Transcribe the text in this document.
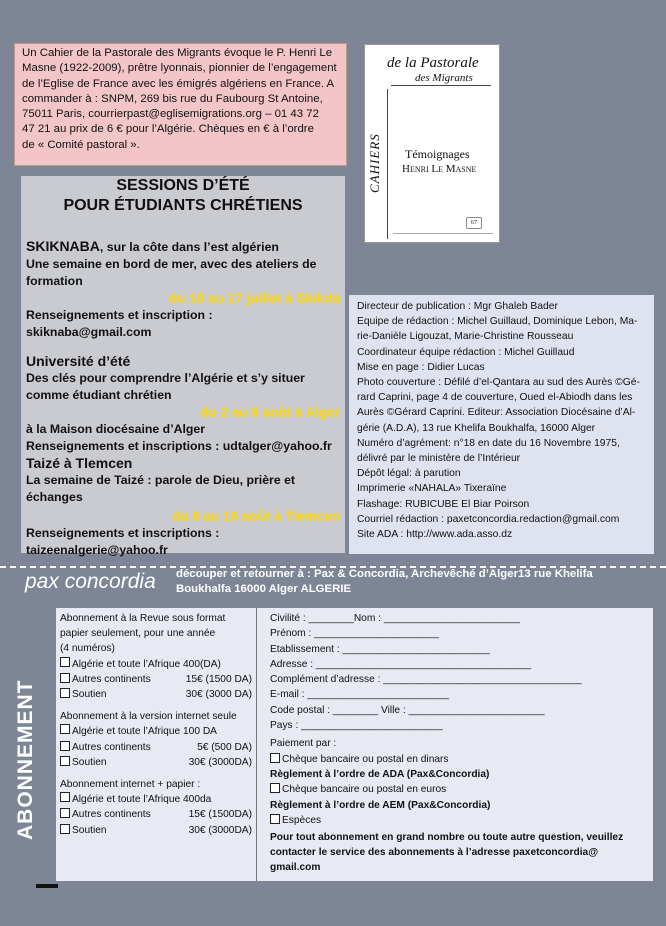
Un Cahier de la Pastorale des Migrants évoque le P. Henri Le
Masne (1922-2009), prêtre lyonnais, pionnier de l’engagement
de l’Eglise de France avec les émigrés algériens en France. A
commander à : SNPM, 269 bis rue du Faubourg St Antoine,
75011 Paris, courrierpast@eglisemigrations.org – 01 43 72
47 21 au prix de 6 € pour l’Algérie. Chèques en € à l’ordre
de « Comité pastoral ».
de la Pastorale
des Migrants
CAHIERS	Témoignages
Henri Le Masne
67
SESSIONS D’ÉTÉ
POUR ÉTUDIANTS CHRÉTIENS
SKIKNABA, sur la côte dans l’est algérien
Une semaine en bord de mer, avec des ateliers de formation
du 10 au 17 juillet à Skikda
Renseignements et inscription : skiknaba@gmail.com
Université d’été
Des clés pour comprendre l’Algérie et s’y situer comme étudiant chrétien
du 2 au 9 août à Alger
à la Maison diocésaine d’Alger
Renseignements et inscriptions : udtalger@yahoo.fr
Taizé à Tlemcen
La semaine de Taizé : parole de Dieu, prière et échanges
du 8 au 16 août à Tlemcen
Renseignements et inscriptions :
taizeenalgerie@yahoo.fr
Directeur de publication : Mgr Ghaleb Bader
Equipe de rédaction : Michel Guillaud, Dominique Lebon, Ma-
rie-Danièle Ligouzat, Marie-Christine Rousseau
Coordinateur équipe rédaction : Michel Guillaud
Mise en page : Didier Lucas
Photo couverture : Défilé d’el-Qantara au sud des Aurès ©Gé-
rard Caprini, page 4 de couverture, Oued el-Abiodh dans les
Aurès ©Gérard Caprini. Editeur: Association Diocésaine d’Al-
gérie (A.D.A), 13 rue Khelifa Boukhalfa, 16000 Alger
Numéro d’agrément: n°18 en date du 16 Novembre 1975,
délivré par le ministère de l’Intérieur
Dépôt légal: à parution
Imprimerie «NAHALA» Tixeraïne
Flashage: RUBICUBE El Biar Poirson
Courriel rédaction : paxetconcordia.redaction@gmail.com
Site ADA : http://www.ada.asso.dz
pax concordia découper et retourner à : Pax & Concordia, Archevêché d’Alger13 rue Khelifa
Boukhalfa 16000 Alger ALGERIE
ABONNEMENT
Abonnement à la Revue sous format papier seulement, pour une année
(4 numéros)
Algérie et toute l’Afrique 400(DA)
Autres continents	15€ (1500 DA)
Soutien	30€ (3000 DA)
Abonnement à la version internet seule
Algérie et toute l’Afrique 100 DA
Autres continents	5€ (500 DA)
Soutien	30€ (3000DA)
Abonnement internet + papier :
Algérie et toute l’Afrique 400da
Autres continents	15€ (1500DA)
Soutien	30€ (3000DA)
Civilité : ________Nom : ________________________
Prénom : ______________________
Etablissement : __________________________
Adresse : ______________________________________
Complément d’adresse : ___________________________________
E-mail : _________________________
Code postal : ________ Ville : ________________________
Pays : _________________________
Paiement par :
Chèque bancaire ou postal en dinars
Règlement à l’ordre de ADA (Pax&Concordia)
Chèque bancaire ou postal en euros
Règlement à l’ordre de AEM (Pax&Concordia)
Espèces
Pour tout abonnement en grand nombre ou toute autre question, veuillez contacter le service des abonnements à l’adresse paxetconcordia@ gmail.com
